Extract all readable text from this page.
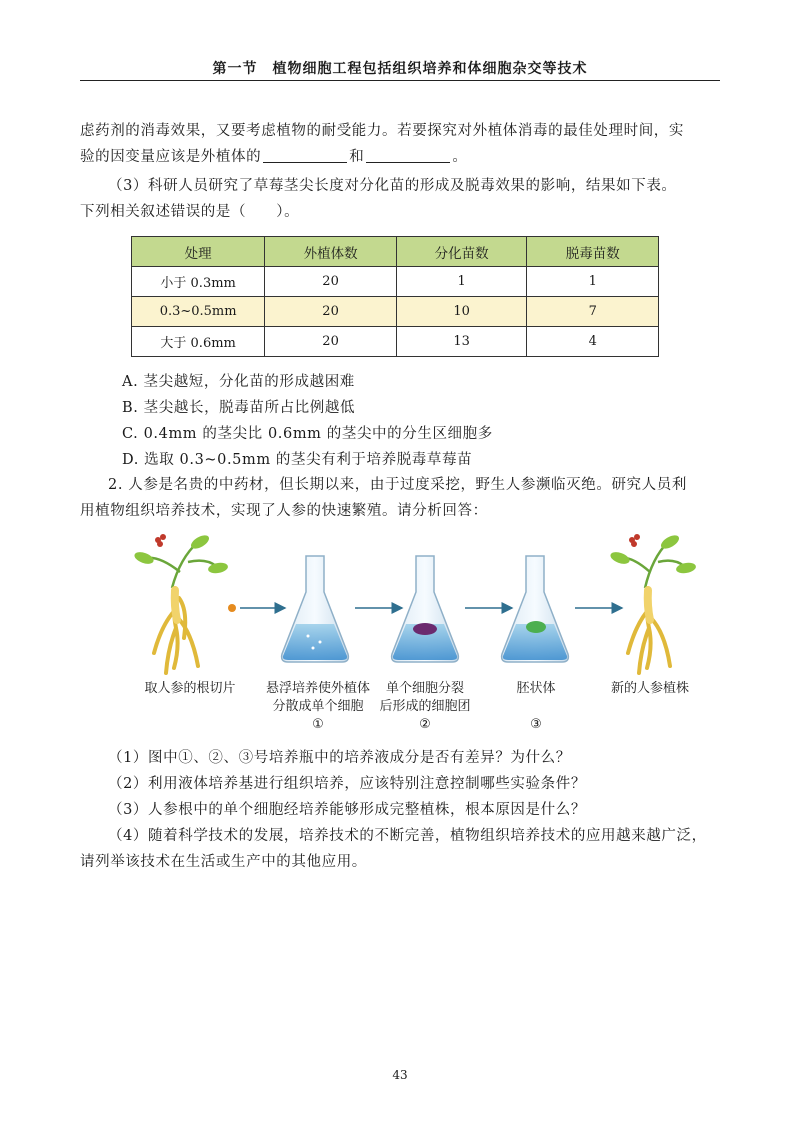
第一节　植物细胞工程包括组织培养和体细胞杂交等技术
虑药剂的消毒效果，又要考虑植物的耐受能力。若要探究对外植体消毒的最佳处理时间，实
验的因变量应该是外植体的	和	。
（3）科研人员研究了草莓茎尖长度对分化苗的形成及脱毒效果的影响，结果如下表。
下列相关叙述错误的是（　　）。
处理	外植体数	分化苗数	脱毒苗数
小于 0.3mm	20	1	1
0.3~0.5mm	20	10	7
大于 0.6mm	20	13	4
A. 茎尖越短，分化苗的形成越困难
B. 茎尖越长，脱毒苗所占比例越低
C. 0.4mm 的茎尖比 0.6mm 的茎尖中的分生区细胞多
D. 选取 0.3~0.5mm 的茎尖有利于培养脱毒草莓苗
2. 人参是名贵的中药材，但长期以来，由于过度采挖，野生人参濒临灭绝。研究人员利
用植物组织培养技术，实现了人参的快速繁殖。请分析回答：
取人参的根切片	悬浮培养使外植体
分散成单个细胞
①
单个细胞分裂
后形成的细胞团
②
胚状体
③
新的人参植株
（1）图中①、②、③号培养瓶中的培养液成分是否有差异？为什么？
（2）利用液体培养基进行组织培养，应该特别注意控制哪些实验条件？
（3）人参根中的单个细胞经培养能够形成完整植株，根本原因是什么？
（4）随着科学技术的发展，培养技术的不断完善，植物组织培养技术的应用越来越广泛，
请列举该技术在生活或生产中的其他应用。
43
